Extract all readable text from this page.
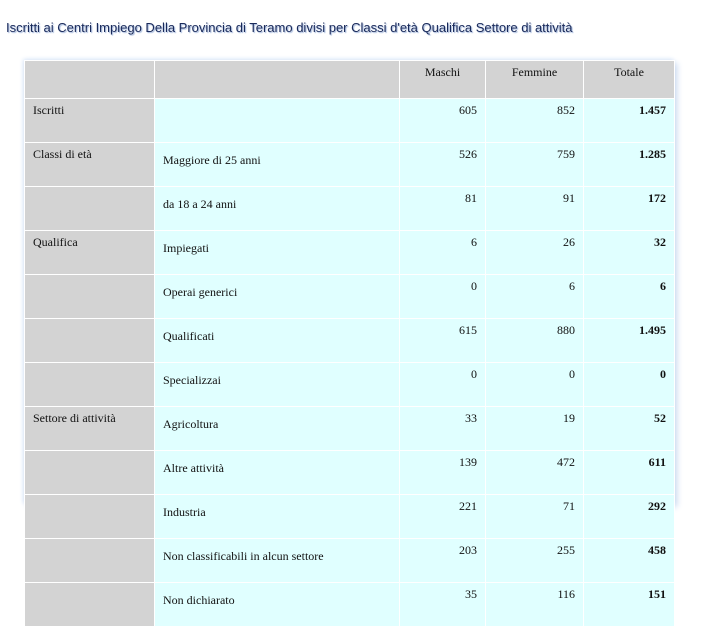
Iscritti ai Centri Impiego Della Provincia di Teramo divisi per Classi d'età Qualifica Settore di attività
		Maschi	Femmine	Totale
Iscritti		605	852	1.457
Classi di età	Maggiore di 25 anni	526	759	1.285
	da 18 a 24 anni	81	91	172
Qualifica	Impiegati	6	26	32
	Operai generici	0	6	6
	Qualificati	615	880	1.495
	Specializzai	0	0	0
Settore di attività	Agricoltura	33	19	52
	Altre attività	139	472	611
	Industria	221	71	292
	Non classificabili in alcun settore	203	255	458
	Non dichiarato	35	116	151
